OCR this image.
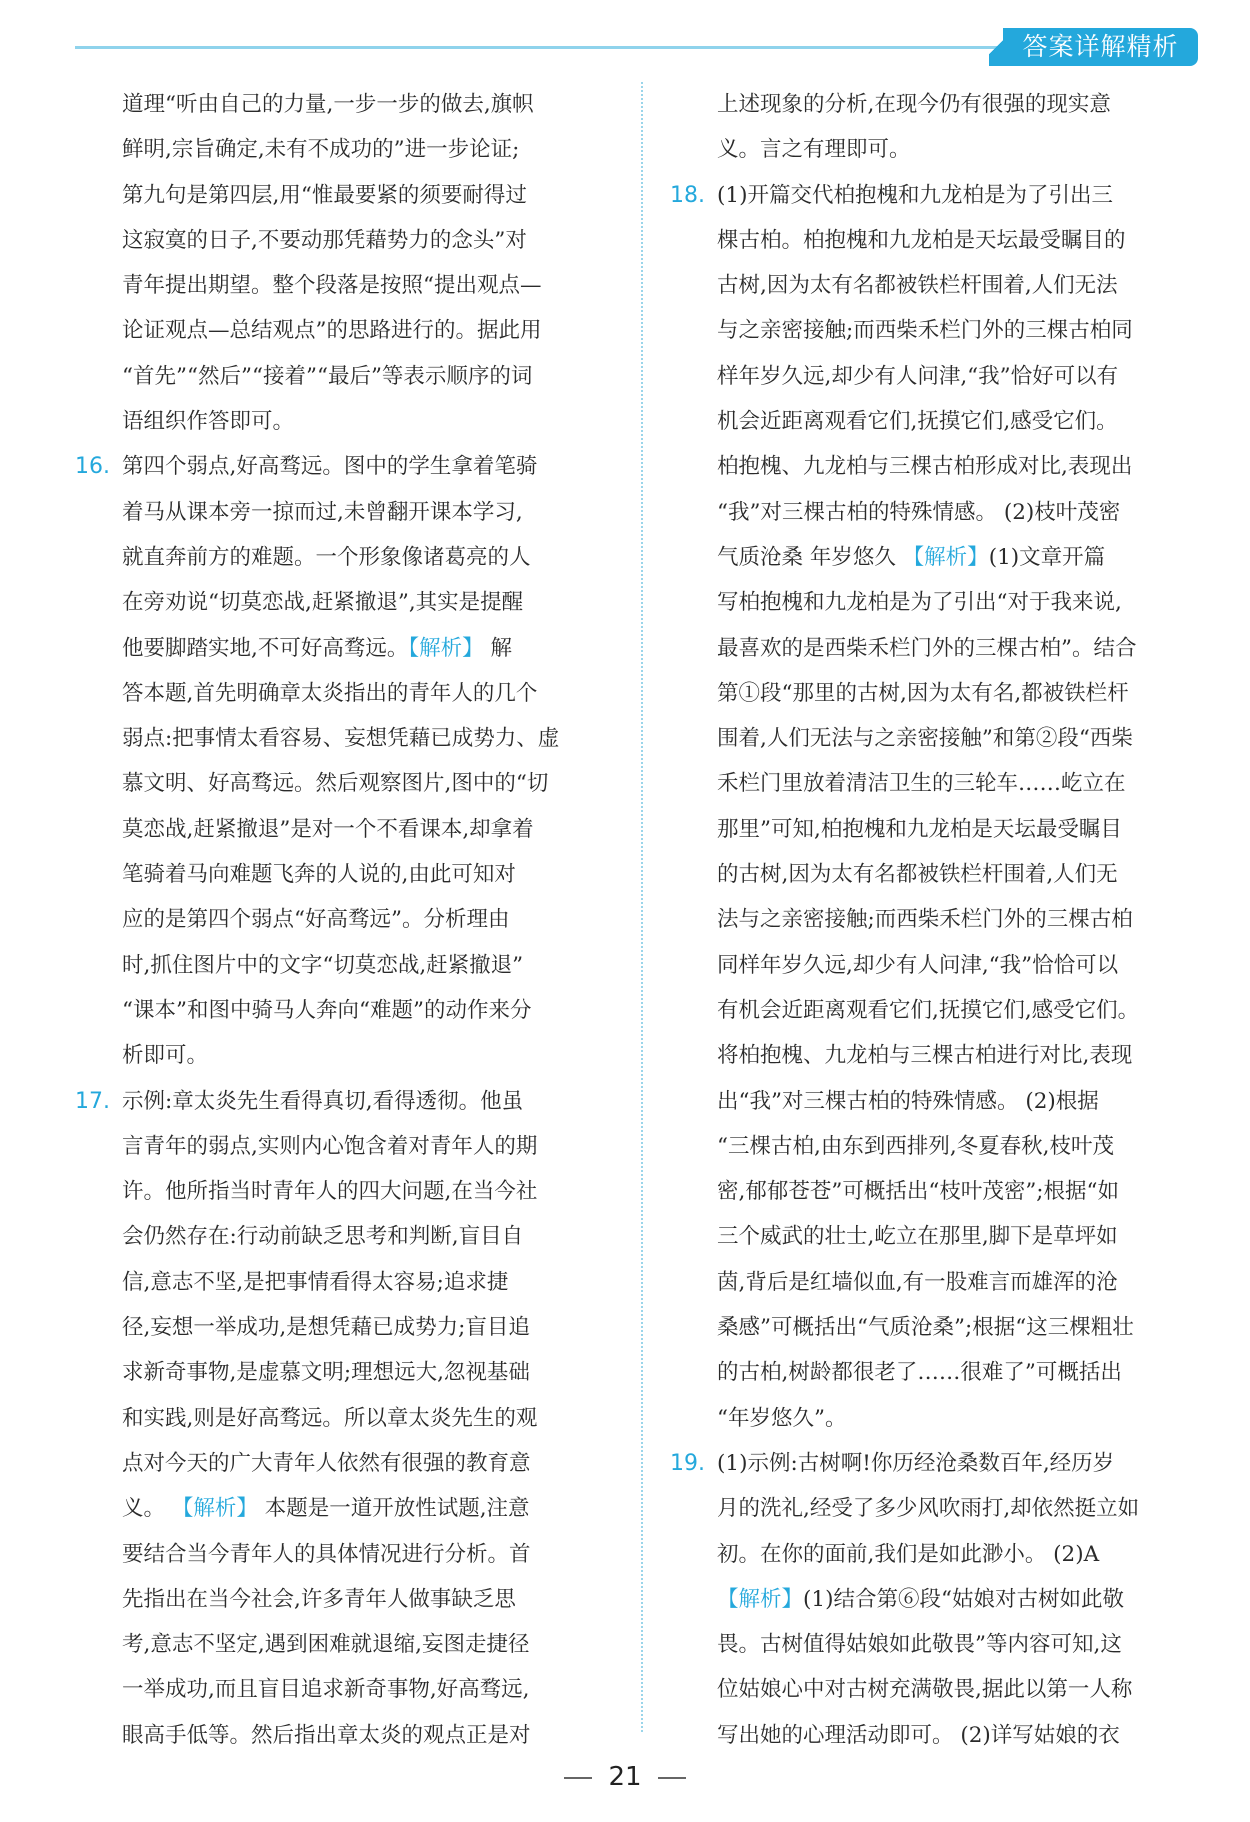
答案详解精析
道理“听由自己的力量,一步一步的做去,旗帜
鲜明,宗旨确定,未有不成功的”进一步论证;
第九句是第四层,用“惟最要紧的须要耐得过
这寂寞的日子,不要动那凭藉势力的念头”对
青年提出期望。整个段落是按照“提出观点—
论证观点—总结观点”的思路进行的。据此用
“首先”“然后”“接着”“最后”等表示顺序的词
语组织作答即可。
16. 第四个弱点,好高骛远。图中的学生拿着笔骑
着马从课本旁一掠而过,未曾翻开课本学习,
就直奔前方的难题。一个形象像诸葛亮的人
在旁劝说“切莫恋战,赶紧撤退”,其实是提醒
他要脚踏实地,不可好高骛远。【解析】 解
答本题,首先明确章太炎指出的青年人的几个
弱点:把事情太看容易、妄想凭藉已成势力、虚
慕文明、好高骛远。然后观察图片,图中的“切
莫恋战,赶紧撤退”是对一个不看课本,却拿着
笔骑着马向难题飞奔的人说的,由此可知对
应的是第四个弱点“好高骛远”。分析理由
时,抓住图片中的文字“切莫恋战,赶紧撤退”
“课本”和图中骑马人奔向“难题”的动作来分
析即可。
17. 示例:章太炎先生看得真切,看得透彻。他虽
言青年的弱点,实则内心饱含着对青年人的期
许。他所指当时青年人的四大问题,在当今社
会仍然存在:行动前缺乏思考和判断,盲目自
信,意志不坚,是把事情看得太容易;追求捷
径,妄想一举成功,是想凭藉已成势力;盲目追
求新奇事物,是虚慕文明;理想远大,忽视基础
和实践,则是好高骛远。所以章太炎先生的观
点对今天的广大青年人依然有很强的教育意
义。 【解析】 本题是一道开放性试题,注意
要结合当今青年人的具体情况进行分析。首
先指出在当今社会,许多青年人做事缺乏思
考,意志不坚定,遇到困难就退缩,妄图走捷径
一举成功,而且盲目追求新奇事物,好高骛远,
眼高手低等。然后指出章太炎的观点正是对
上述现象的分析,在现今仍有很强的现实意
义。言之有理即可。
18. (1)开篇交代柏抱槐和九龙柏是为了引出三
棵古柏。柏抱槐和九龙柏是天坛最受瞩目的
古树,因为太有名都被铁栏杆围着,人们无法
与之亲密接触;而西柴禾栏门外的三棵古柏同
样年岁久远,却少有人问津,“我”恰好可以有
机会近距离观看它们,抚摸它们,感受它们。
柏抱槐、九龙柏与三棵古柏形成对比,表现出
“我”对三棵古柏的特殊情感。 (2)枝叶茂密
气质沧桑 年岁悠久 【解析】(1)文章开篇
写柏抱槐和九龙柏是为了引出“对于我来说,
最喜欢的是西柴禾栏门外的三棵古柏”。结合
第①段“那里的古树,因为太有名,都被铁栏杆
围着,人们无法与之亲密接触”和第②段“西柴
禾栏门里放着清洁卫生的三轮车……屹立在
那里”可知,柏抱槐和九龙柏是天坛最受瞩目
的古树,因为太有名都被铁栏杆围着,人们无
法与之亲密接触;而西柴禾栏门外的三棵古柏
同样年岁久远,却少有人问津,“我”恰恰可以
有机会近距离观看它们,抚摸它们,感受它们。
将柏抱槐、九龙柏与三棵古柏进行对比,表现
出“我”对三棵古柏的特殊情感。 (2)根据
“三棵古柏,由东到西排列,冬夏春秋,枝叶茂
密,郁郁苍苍”可概括出“枝叶茂密”;根据“如
三个威武的壮士,屹立在那里,脚下是草坪如
茵,背后是红墙似血,有一股难言而雄浑的沧
桑感”可概括出“气质沧桑”;根据“这三棵粗壮
的古柏,树龄都很老了……很难了”可概括出
“年岁悠久”。
19. (1)示例:古树啊!你历经沧桑数百年,经历岁
月的洗礼,经受了多少风吹雨打,却依然挺立如
初。在你的面前,我们是如此渺小。 (2)A
【解析】(1)结合第⑥段“姑娘对古树如此敬
畏。古树值得姑娘如此敬畏”等内容可知,这
位姑娘心中对古树充满敬畏,据此以第一人称
写出她的心理活动即可。 (2)详写姑娘的衣
21
